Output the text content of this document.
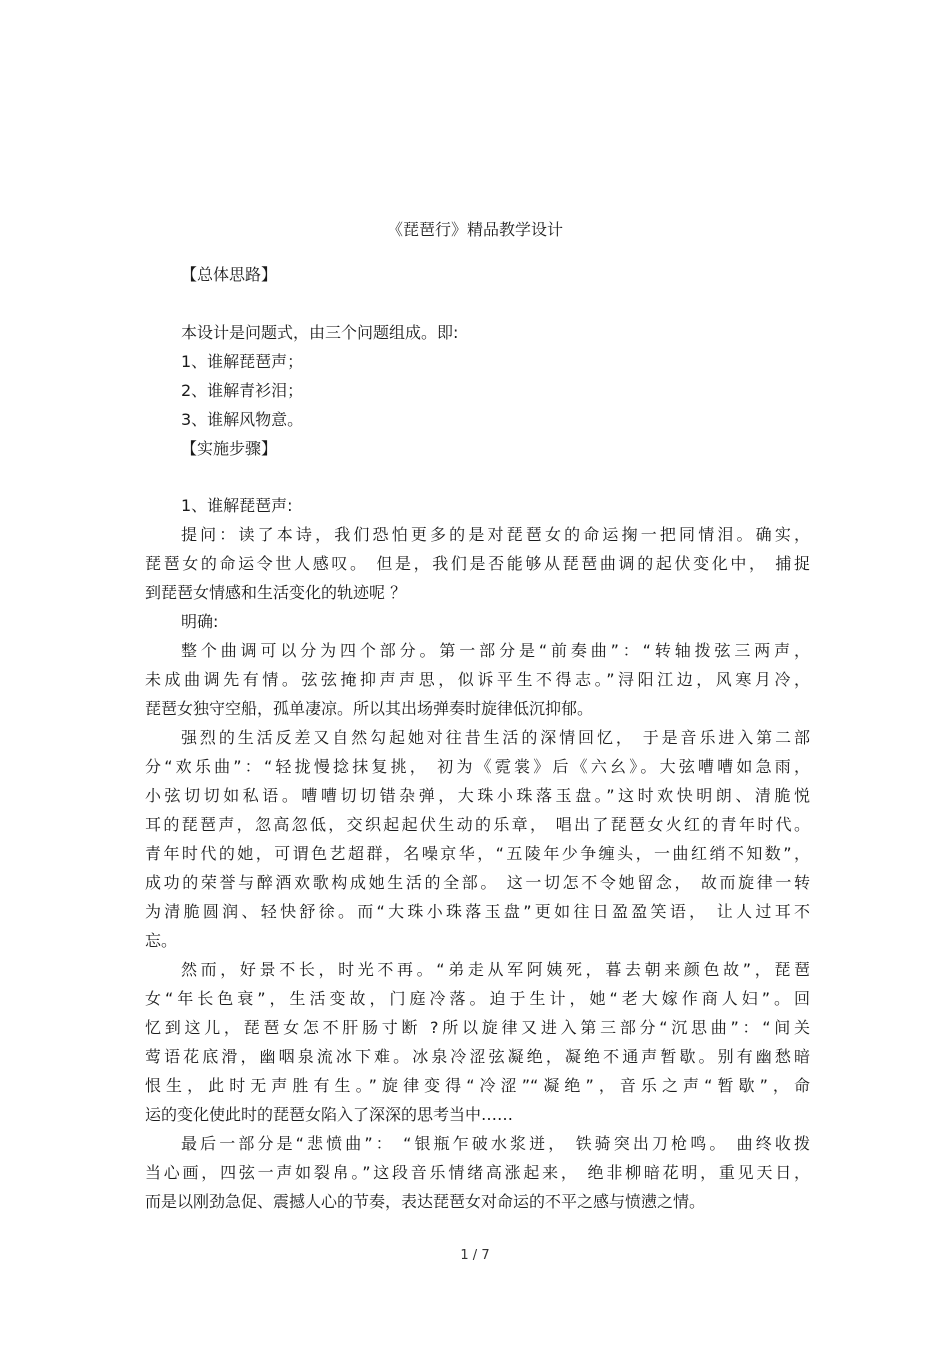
《琵琶行》精品教学设计
【总体思路】
本设计是问题式，由三个问题组成。即:
1、谁解琵琶声；
2、谁解青衫泪；
3、谁解风物意。
【实施步骤】
1、谁解琵琶声:
提问：读了本诗，我们恐怕更多的是对琵琶女的命运掬一把同情泪。确实，
琵琶女的命运令世人感叹。 但是，我们是否能够从琵琶曲调的起伏变化中， 捕捉
到琵琶女情感和生活变化的轨迹呢 ？
明确:
整个曲调可以分为四个部分。第一部分是“前奏曲”：“转轴拨弦三两声，
未成曲调先有情。弦弦掩抑声声思，似诉平生不得志。”浔阳江边，风寒月冷，
琵琶女独守空船，孤单凄凉。所以其出场弹奏时旋律低沉抑郁。
强烈的生活反差又自然勾起她对往昔生活的深情回忆， 于是音乐进入第二部
分“欢乐曲”：“轻拢慢捻抹复挑， 初为《霓裳》后《六幺》。大弦嘈嘈如急雨，
小弦切切如私语。嘈嘈切切错杂弹，大珠小珠落玉盘。”这时欢快明朗、清脆悦
耳的琵琶声，忽高忽低，交织起起伏生动的乐章， 唱出了琵琶女火红的青年时代。
青年时代的她，可谓色艺超群，名噪京华，“五陵年少争缠头，一曲红绡不知数”，
成功的荣誉与醉酒欢歌构成她生活的全部。 这一切怎不令她留念， 故而旋律一转
为清脆圆润、轻快舒徐。而“大珠小珠落玉盘”更如往日盈盈笑语， 让人过耳不
忘。
然而，好景不长，时光不再。“弟走从军阿姨死，暮去朝来颜色故”，琵琶
女“年长色衰”，生活变故，门庭冷落。迫于生计，她“老大嫁作商人妇”。回
忆到这儿，琵琶女怎不肝肠寸断 ?所以旋律又进入第三部分“沉思曲”：“间关
莺语花底滑，幽咽泉流冰下难。冰泉冷涩弦凝绝，凝绝不通声暂歇。别有幽愁暗
恨生，此时无声胜有生。”旋律变得“冷涩”“凝绝”，音乐之声“暂歇”，命
运的变化使此时的琵琶女陷入了深深的思考当中……
最后一部分是“悲愤曲”： “银瓶乍破水浆迸， 铁骑突出刀枪鸣。 曲终收拨
当心画，四弦一声如裂帛。”这段音乐情绪高涨起来， 绝非柳暗花明，重见天日，
而是以刚劲急促、震撼人心的节奏，表达琵琶女对命运的不平之感与愤懑之情。
1 / 7
